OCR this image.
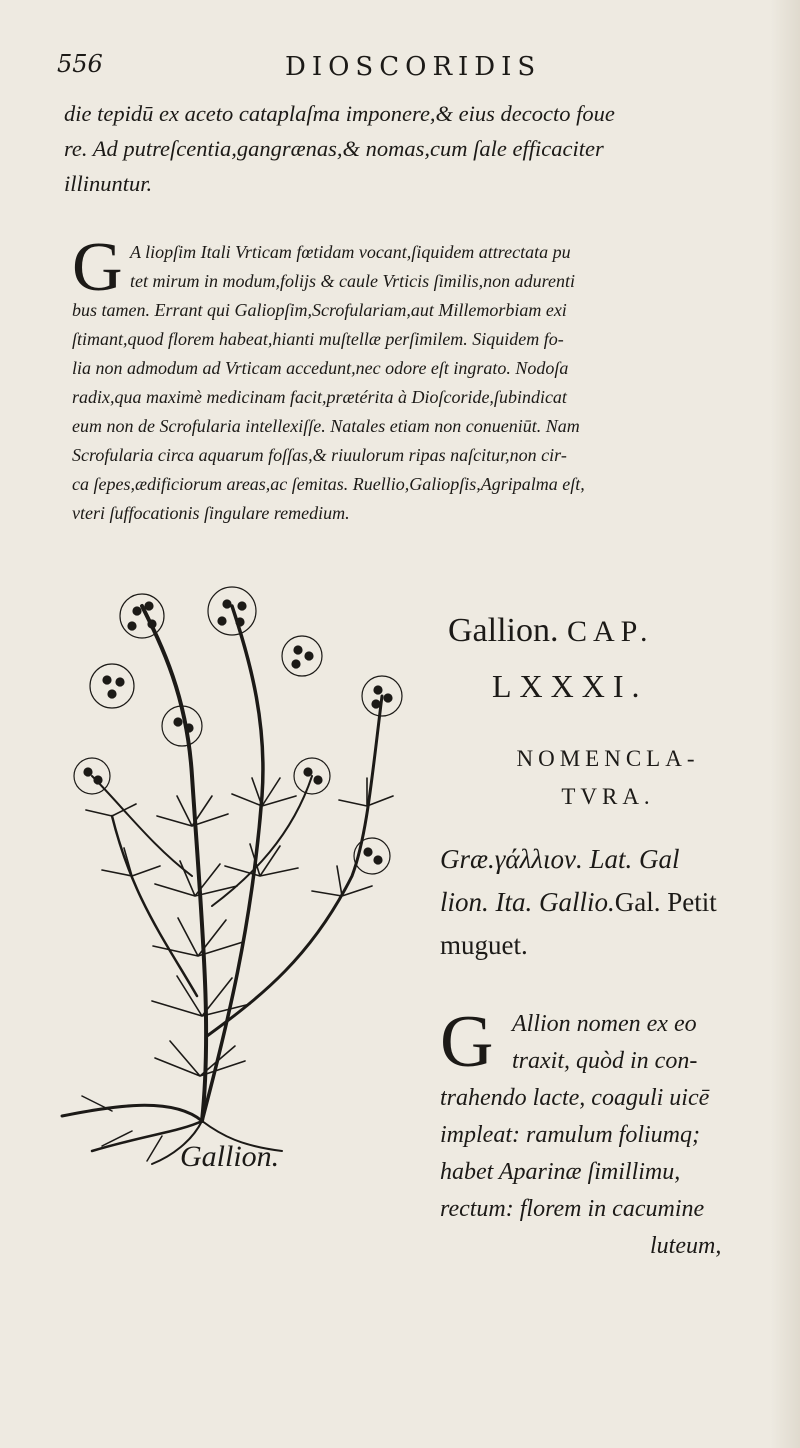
556	DIOSCORIDIS
die tepidū ex aceto cataplaſma imponere,& eius decocto foue
re. Ad putreſcentia,gangrænas,& nomas,cum ſale efficaciter
illinuntur.
G A liopſim Itali Vrticam fœtidam vocant,ſiquidem attrectata pu
tet mirum in modum,folijs & caule Vrticis ſimilis,non adurenti
bus tamen. Errant qui Galiopſim,Scrofulariam,aut Millemorbiam exi
ſtimant,quod florem habeat,hianti muſtellæ perſimilem. Siquidem fo-
lia non admodum ad Vrticam accedunt,nec odore eſt ingrato. Nodoſa
radix,qua maximè medicinam facit,prætérita à Dioſcoride,ſubindicat
eum non de Scrofularia intellexiſſe. Natales etiam non conueniūt. Nam
Scrofularia circa aquarum foſſas,& riuulorum ripas naſcitur,non cir-
ca ſepes,ædificiorum areas,ac ſemitas. Ruellio,Galiopſis,Agripalma eſt,
vteri ſuffocationis ſingulare remedium.
Gallion.
Gallion. CAP.
LXXXI.
NOMENCLA-
TVRA.
Græ.γάλλιον. Lat. Gal
lion. Ita. Gallio.Gal. Petit
muguet.
G Allion nomen ex eo
traxit, quòd in con-
trahendo lacte, coaguli uicē
impleat: ramulum foliumq;
habet Aparinæ ſimillimu,
rectum: florem in cacumine
luteum,
